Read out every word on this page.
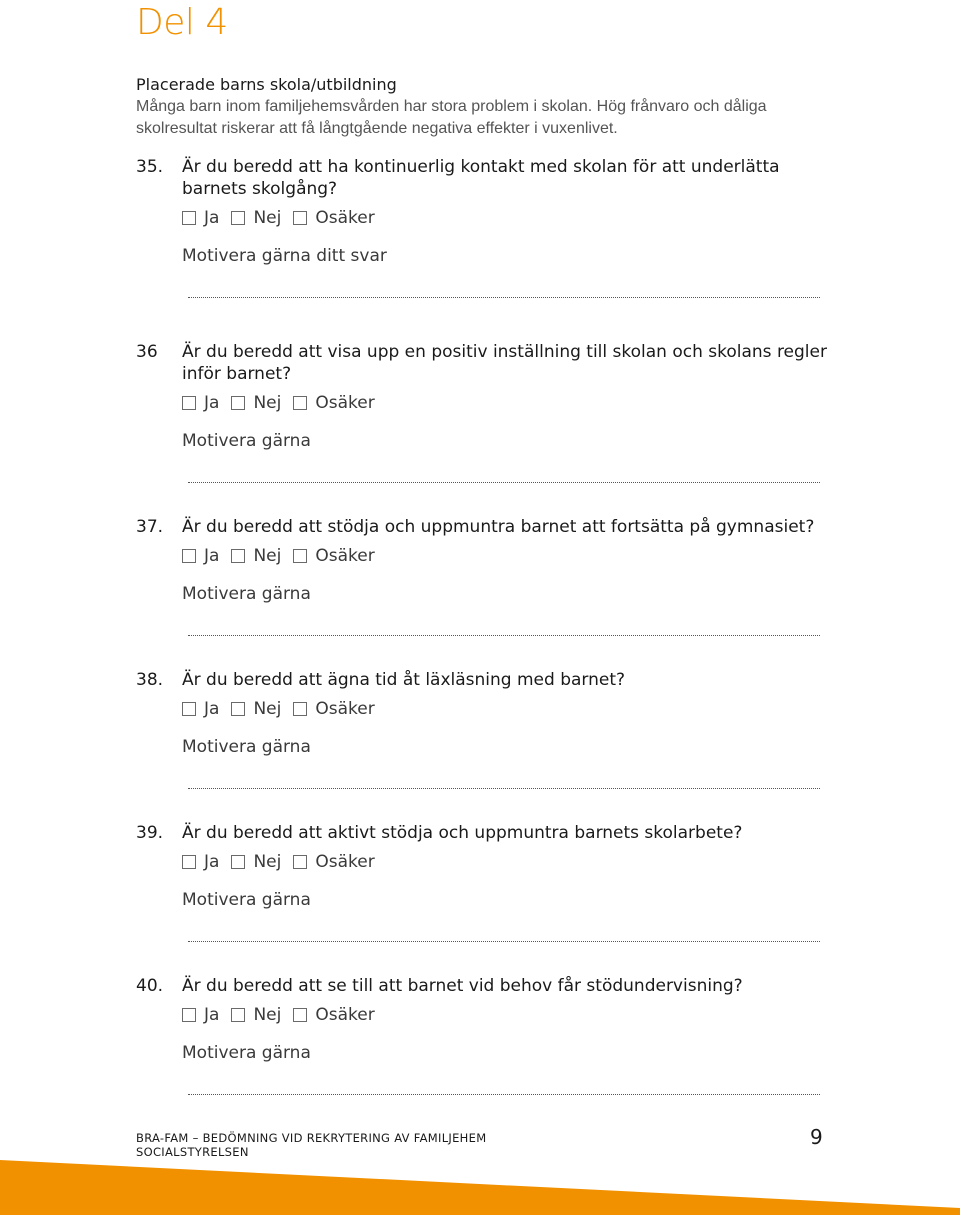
Del 4
Placerade barns skola/utbildning
Många barn inom familjehemsvården har stora problem i skolan. Hög frånvaro och dåliga skolresultat riskerar att få långtgående negativa effekter i vuxenlivet.
35.	Är du beredd att ha kontinuerlig kontakt med skolan för att underlätta barnets skolgång?
Ja Nej Osäker
Motivera gärna ditt svar
36	Är du beredd att visa upp en positiv inställning till skolan och skolans regler inför barnet?
Ja Nej Osäker
Motivera gärna
37.	Är du beredd att stödja och uppmuntra barnet att fortsätta på gymnasiet?
Ja Nej Osäker
Motivera gärna
38.	Är du beredd att ägna tid åt läxläsning med barnet?
Ja Nej Osäker
Motivera gärna
39.	Är du beredd att aktivt stödja och uppmuntra barnets skolarbete?
Ja Nej Osäker
Motivera gärna
40.	Är du beredd att se till att barnet vid behov får stödundervisning?
Ja Nej Osäker
Motivera gärna
BRA-FAM – BEDÖMNING VID REKRYTERING AV FAMILJEHEM
SOCIALSTYRELSEN
9
